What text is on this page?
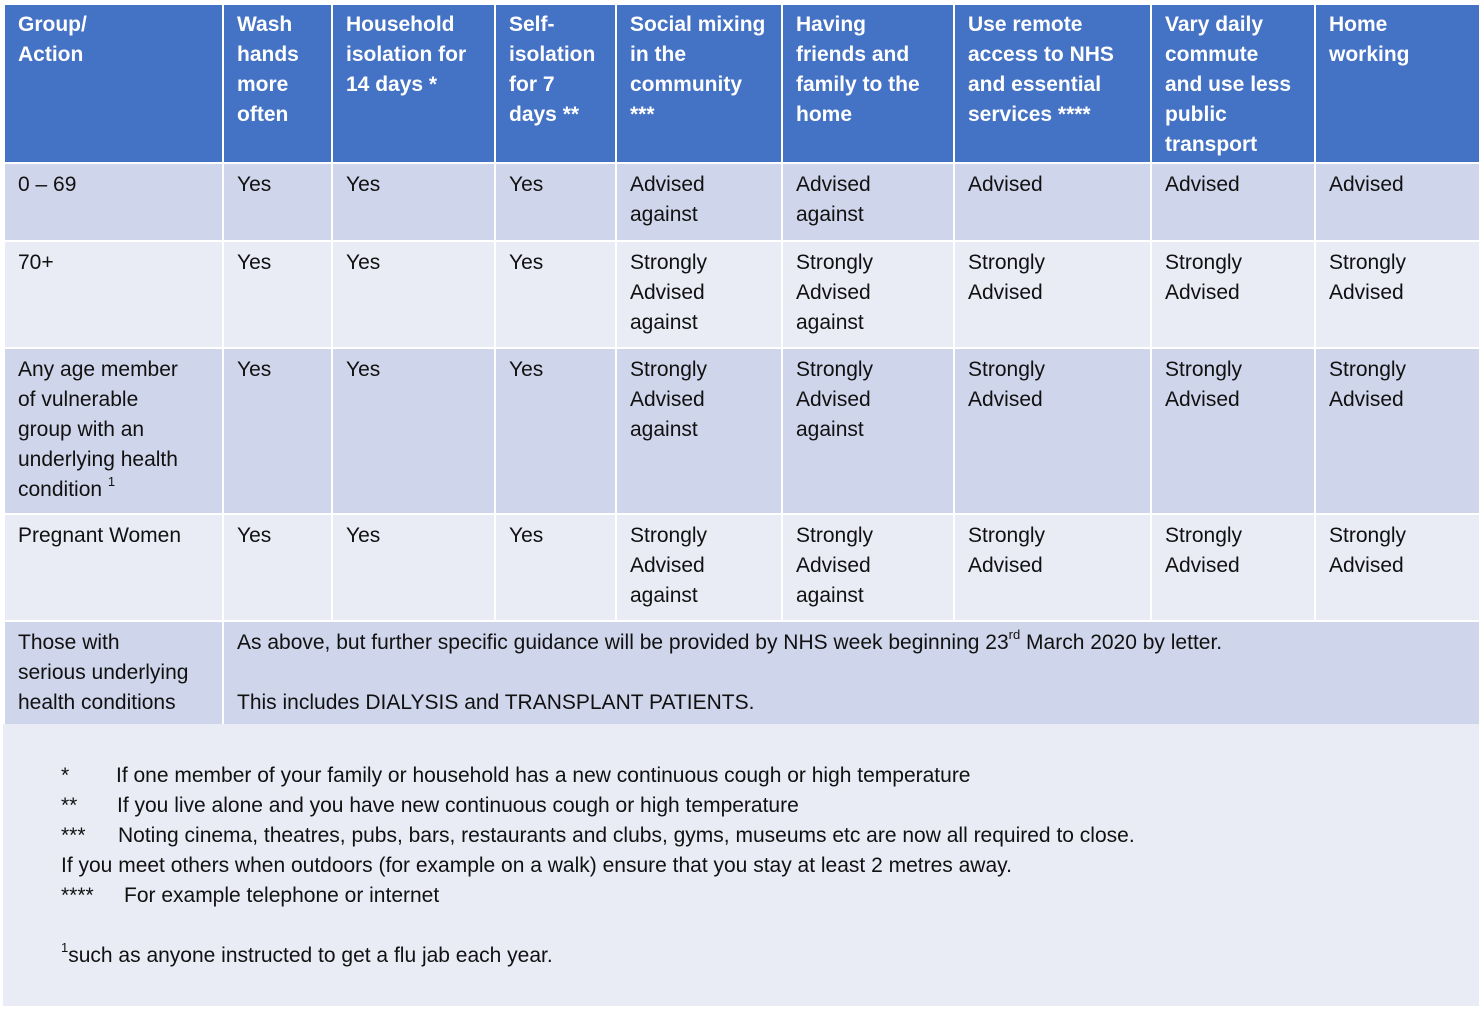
Group/
Action	Wash
hands
more
often	Household
isolation for
14 days *	Self-
isolation
for 7
days **	Social mixing
in the
community
***	Having
friends and
family to the
home	Use remote
access to NHS
and essential
services ****	Vary daily
commute
and use less
public
transport	Home
working

0 – 69	Yes	Yes	Yes	Advised
against	Advised
against	Advised	Advised	Advised

70+	Yes	Yes	Yes	Strongly
Advised
against	Strongly
Advised
against	Strongly
Advised	Strongly
Advised	Strongly
Advised

Any age member
of vulnerable
group with an
underlying health
condition $^1$	Yes	Yes	Yes	Strongly
Advised
against	Strongly
Advised
against	Strongly
Advised	Strongly
Advised	Strongly
Advised

Pregnant Women	Yes	Yes	Yes	Strongly
Advised
against	Strongly
Advised
against	Strongly
Advised	Strongly
Advised	Strongly
Advised

Those with
serious underlying
health conditions	As above, but further specific guidance will be provided by NHS week beginning 23rd March 2020 by letter.

This includes DIALYSIS and TRANSPLANT PATIENTS.							
* If one member of your family or household has a new continuous cough or high temperature
** If you live alone and you have new continuous cough or high temperature
*** Noting cinema, theatres, pubs, bars, restaurants and clubs, gyms, museums etc are now all required to close.
If you meet others when outdoors (for example on a walk) ensure that you stay at least 2 metres away.
**** For example telephone or internet
$^1$such as anyone instructed to get a flu jab each year.
